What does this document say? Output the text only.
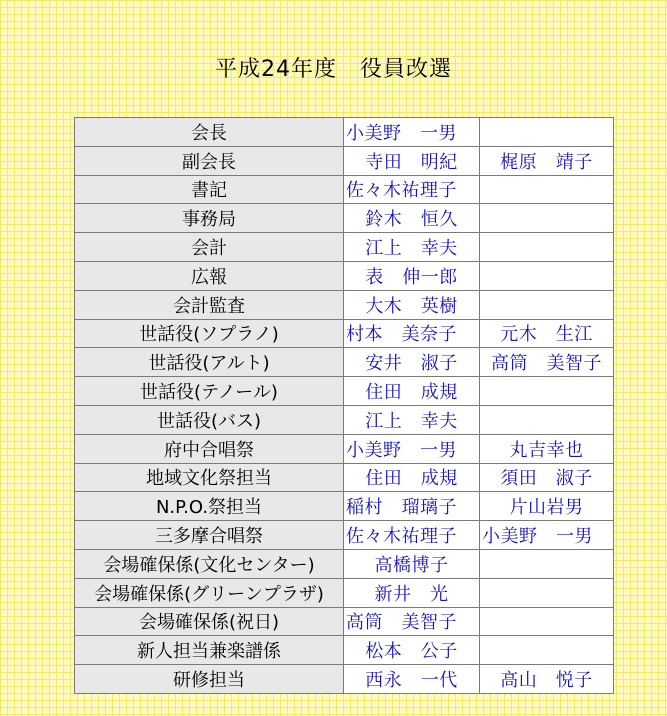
平成24年度　役員改選
会長	小美野　一男	
副会長	寺田　明紀	梶原　靖子
書記	佐々木祐理子	
事務局	鈴木　恒久	
会計	江上　幸夫	
広報	表　伸一郎	
会計監査	大木　英樹	
世話役(ソプラノ)	村本　美奈子	元木　生江
世話役(アルト)	安井　淑子	高筒　美智子
世話役(テノール)	住田　成規	
世話役(バス)	江上　幸夫	
府中合唱祭	小美野　一男	丸吉幸也
地域文化祭担当	住田　成規	須田　淑子
N.P.O.祭担当	稲村　瑠璃子	片山岩男
三多摩合唱祭	佐々木祐理子	小美野　一男
会場確保係(文化センター)	高橋博子	
会場確保係(グリーンプラザ)	新井　光	
会場確保係(祝日)	高筒　美智子	
新人担当兼楽譜係	松本　公子	
研修担当	西永　一代	高山　悦子
